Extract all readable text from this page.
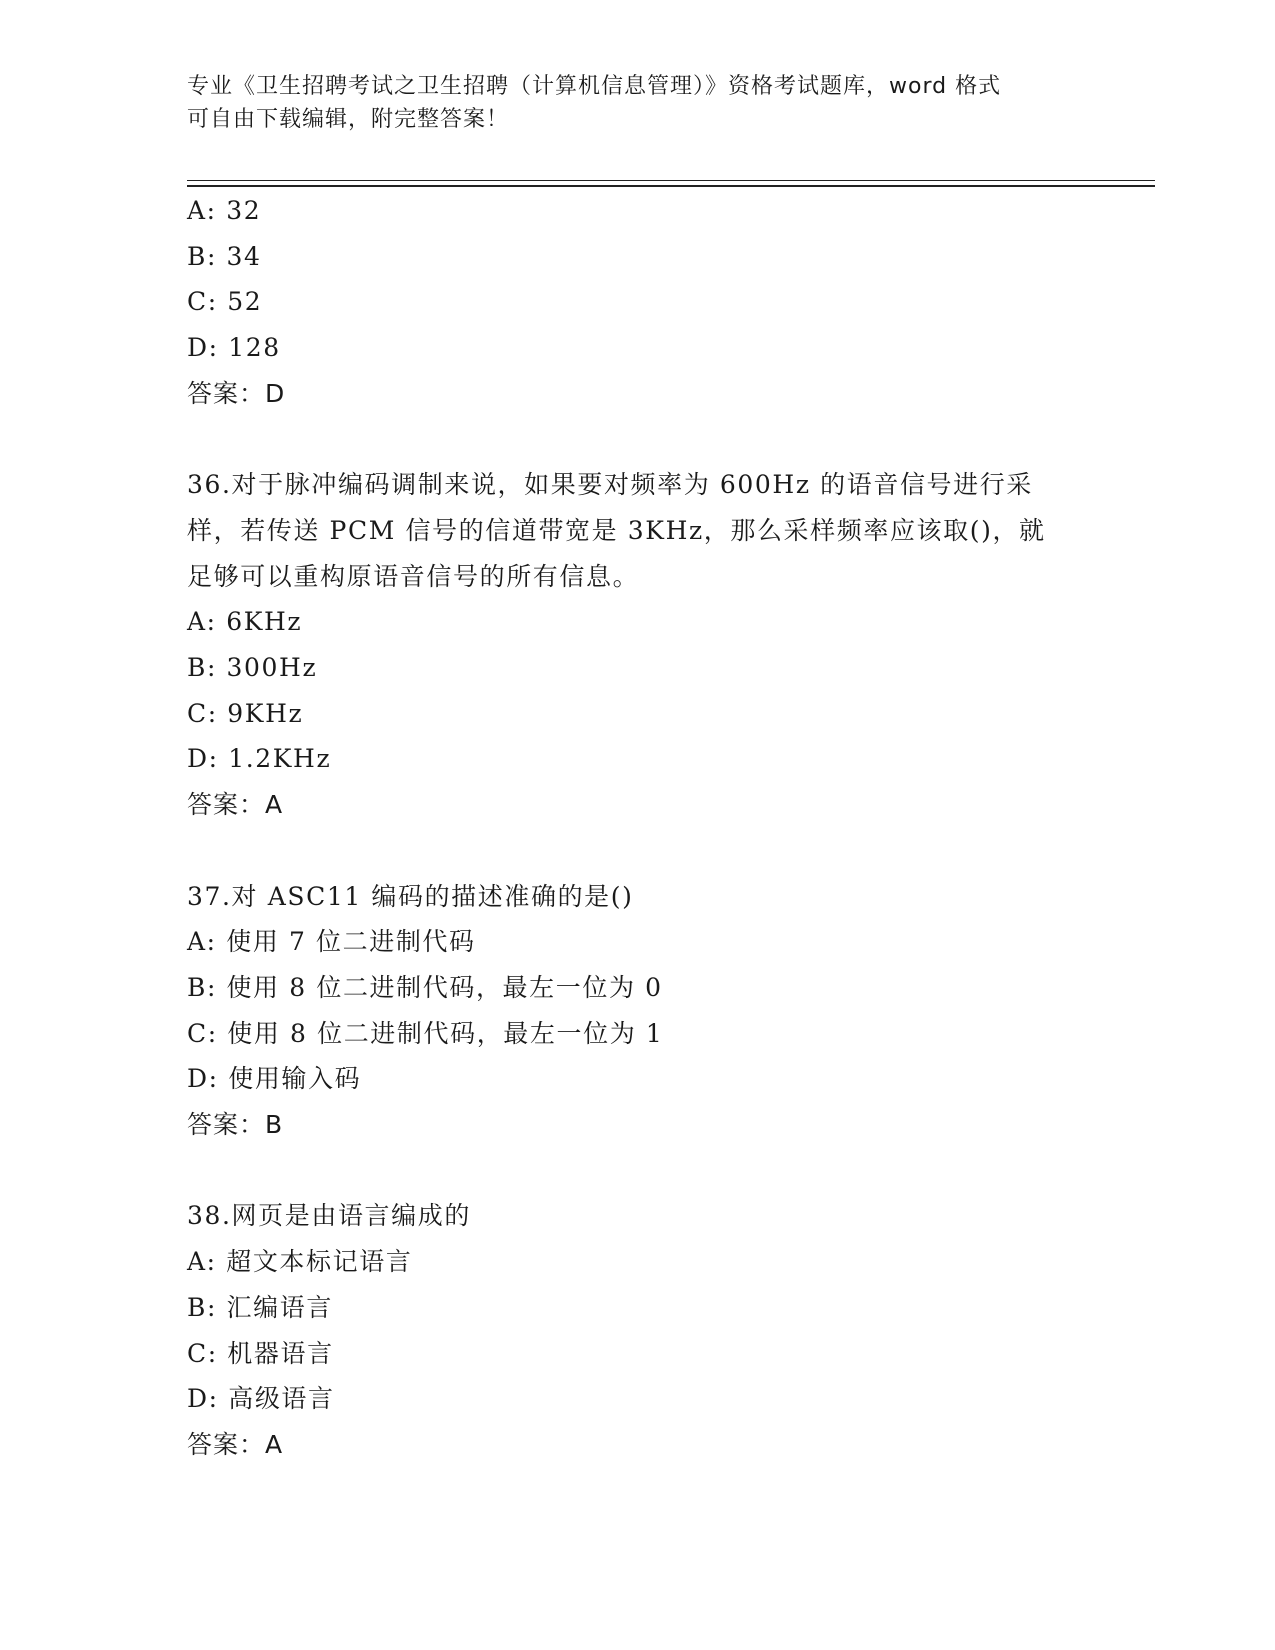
专业《卫生招聘考试之卫生招聘（计算机信息管理）》资格考试题库，word 格式
可自由下载编辑，附完整答案！
A: 32
B: 34
C: 52
D: 128
答案：D
36.对于脉冲编码调制来说，如果要对频率为 600Hz 的语音信号进行采
样，若传送 PCM 信号的信道带宽是 3KHz，那么采样频率应该取()，就
足够可以重构原语音信号的所有信息。
A: 6KHz
B: 300Hz
C: 9KHz
D: 1.2KHz
答案：A
37.对 ASC11 编码的描述准确的是()
A: 使用 7 位二进制代码
B: 使用 8 位二进制代码，最左一位为 0
C: 使用 8 位二进制代码，最左一位为 1
D: 使用输入码
答案：B
38.网页是由语言编成的
A: 超文本标记语言
B: 汇编语言
C: 机器语言
D: 高级语言
答案：A
